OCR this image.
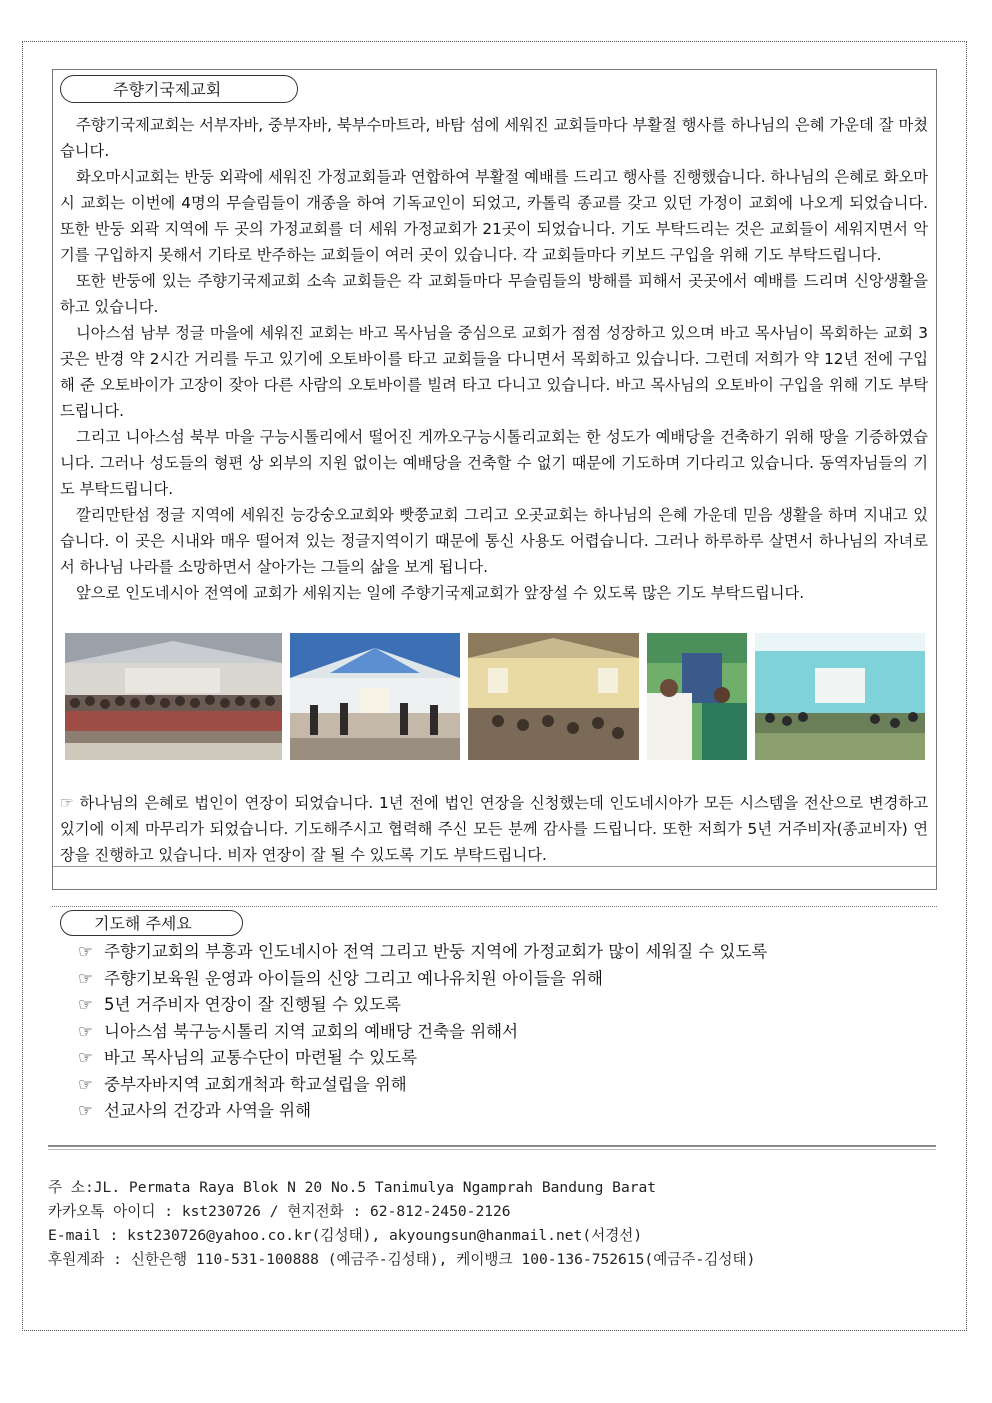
주향기국제교회

주향기국제교회는 서부자바, 중부자바, 북부수마트라, 바탐 섬에 세워진 교회들마다 부활절 행사를 하나님의 은혜 가운데 잘 마쳤습니다.

화오마시교회는 반둥 외곽에 세워진 가정교회들과 연합하여 부활절 예배를 드리고 행사를 진행했습니다. 하나님의 은혜로 화오마시 교회는 이번에 4명의 무슬림들이 개종을 하여 기독교인이 되었고, 카톨릭 종교를 갖고 있던 가정이 교회에 나오게 되었습니다. 또한 반둥 외곽 지역에 두 곳의 가정교회를 더 세워 가정교회가 21곳이 되었습니다. 기도 부탁드리는 것은 교회들이 세워지면서 악기를 구입하지 못해서 기타로 반주하는 교회들이 여러 곳이 있습니다. 각 교회들마다 키보드 구입을 위해 기도 부탁드립니다.

또한 반둥에 있는 주향기국제교회 소속 교회들은 각 교회들마다 무슬림들의 방해를 피해서 곳곳에서 예배를 드리며 신앙생활을 하고 있습니다.

니아스섬 남부 정글 마을에 세워진 교회는 바고 목사님을 중심으로 교회가 점점 성장하고 있으며 바고 목사님이 목회하는 교회 3곳은 반경 약 2시간 거리를 두고 있기에 오토바이를 타고 교회들을 다니면서 목회하고 있습니다. 그런데 저희가 약 12년 전에 구입해 준 오토바이가 고장이 잦아 다른 사람의 오토바이를 빌려 타고 다니고 있습니다. 바고 목사님의 오토바이 구입을 위해 기도 부탁드립니다.

그리고 니아스섬 북부 마을 구능시톨리에서 떨어진 게까오구능시톨리교회는 한 성도가 예배당을 건축하기 위해 땅을 기증하였습니다. 그러나 성도들의 형편 상 외부의 지원 없이는 예배당을 건축할 수 없기 때문에 기도하며 기다리고 있습니다. 동역자님들의 기도 부탁드립니다.

깔리만탄섬 정글 지역에 세워진 능강숭오교회와 빳쭝교회 그리고 오곳교회는 하나님의 은혜 가운데 믿음 생활을 하며 지내고 있습니다. 이 곳은 시내와 매우 떨어져 있는 정글지역이기 때문에 통신 사용도 어렵습니다. 그러나 하루하루 살면서 하나님의 자녀로서 하나님 나라를 소망하면서 살아가는 그들의 삶을 보게 됩니다.

앞으로 인도네시아 전역에 교회가 세워지는 일에 주향기국제교회가 앞장설 수 있도록 많은 기도 부탁드립니다.

☞ 하나님의 은혜로 법인이 연장이 되었습니다. 1년 전에 법인 연장을 신청했는데 인도네시아가 모든 시스템을 전산으로 변경하고 있기에 이제 마무리가 되었습니다. 기도해주시고 협력해 주신 모든 분께 감사를 드립니다. 또한 저희가 5년 거주비자(종교비자) 연장을 진행하고 있습니다. 비자 연장이 잘 될 수 있도록 기도 부탁드립니다.
기도해 주세요
☞ 주향기교회의 부흥과 인도네시아 전역 그리고 반둥 지역에 가정교회가 많이 세워질 수 있도록
☞ 주향기보육원 운영과 아이들의 신앙 그리고 예나유치원 아이들을 위해
☞ 5년 거주비자 연장이 잘 진행될 수 있도록
☞ 니아스섬 북구능시톨리 지역 교회의 예배당 건축을 위해서
☞ 바고 목사님의 교통수단이 마련될 수 있도록
☞ 중부자바지역 교회개척과 학교설립을 위해
☞ 선교사의 건강과 사역을 위해
주 소:JL. Permata Raya Blok N 20 No.5 Tanimulya Ngamprah Bandung Barat
카카오톡 아이디 : kst230726 / 현지전화 : 62-812-2450-2126
E-mail : kst230726@yahoo.co.kr(김성태), akyoungsun@hanmail.net(서경선)
후원계좌 : 신한은행 110-531-100888 (예금주-김성태), 케이뱅크 100-136-752615(예금주-김성태)
